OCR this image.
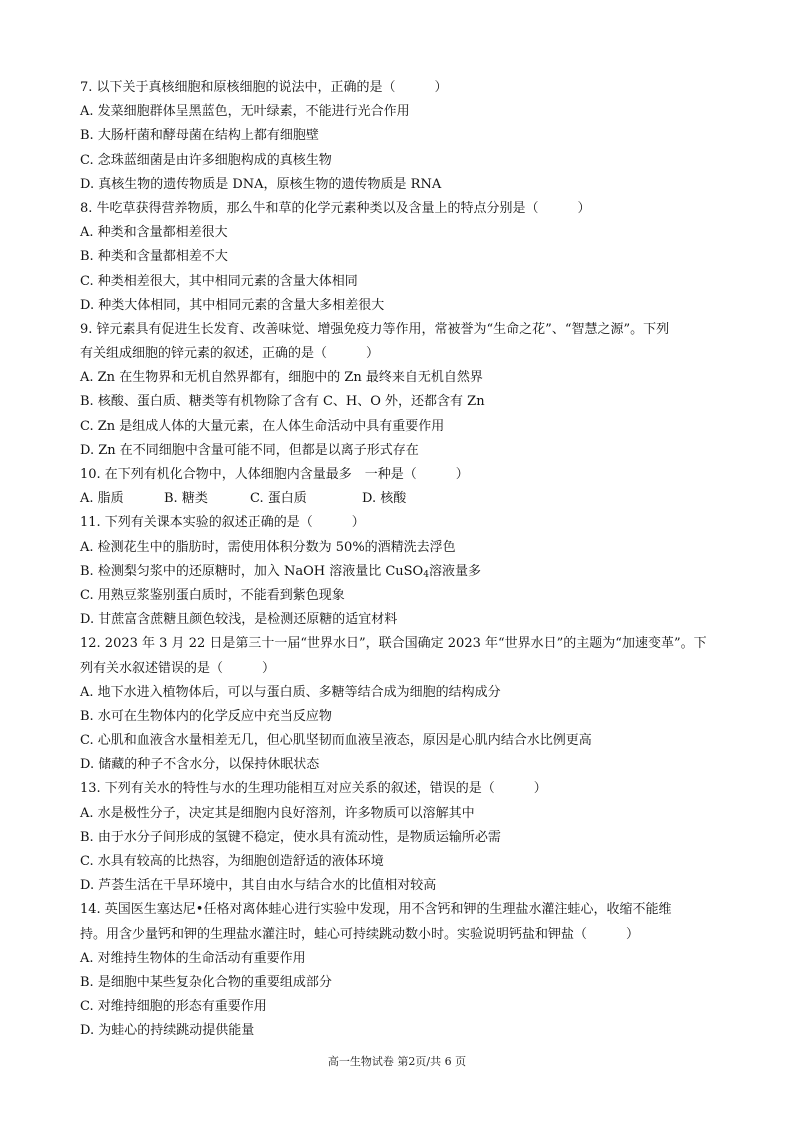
7. 以下关于真核细胞和原核细胞的说法中，正确的是（　　　）
A. 发菜细胞群体呈黑蓝色，无叶绿素，不能进行光合作用
B. 大肠杆菌和酵母菌在结构上都有细胞壁
C. 念珠蓝细菌是由许多细胞构成的真核生物
D. 真核生物的遗传物质是 DNA，原核生物的遗传物质是 RNA
8. 牛吃草获得营养物质，那么牛和草的化学元素种类以及含量上的特点分别是（　　　）
A. 种类和含量都相差很大
B. 种类和含量都相差不大
C. 种类相差很大，其中相同元素的含量大体相同
D. 种类大体相同，其中相同元素的含量大多相差很大
9. 锌元素具有促进生长发育、改善味觉、增强免疫力等作用，常被誉为“生命之花”、“智慧之源”。下列
有关组成细胞的锌元素的叙述，正确的是（　　　）
A. Zn 在生物界和无机自然界都有，细胞中的 Zn 最终来自无机自然界
B. 核酸、蛋白质、糖类等有机物除了含有 C、H、O 外，还都含有 Zn
C. Zn 是组成人体的大量元素，在人体生命活动中具有重要作用
D. Zn 在不同细胞中含量可能不同，但都是以离子形式存在
10. 在下列有机化合物中，人体细胞内含量最多　一种是（　　　）
A. 脂质	B. 糖类	C. 蛋白质	D. 核酸
11. 下列有关课本实验的叙述正确的是（　　　）
A. 检测花生中的脂肪时，需使用体积分数为 50%的酒精洗去浮色
B. 检测梨匀浆中的还原糖时，加入 NaOH 溶液量比 CuSO$_4$溶液量多
C. 用熟豆浆鉴别蛋白质时，不能看到紫色现象
D. 甘蔗富含蔗糖且颜色较浅，是检测还原糖的适宜材料
12. 2023 年 3 月 22 日是第三十一届“世界水日”，联合国确定 2023 年“世界水日”的主题为“加速变革”。下
列有关水叙述错误的是（　　　）
A. 地下水进入植物体后，可以与蛋白质、多糖等结合成为细胞的结构成分
B. 水可在生物体内的化学反应中充当反应物
C. 心肌和血液含水量相差无几，但心肌坚韧而血液呈液态，原因是心肌内结合水比例更高
D. 储藏的种子不含水分，以保持休眠状态
13. 下列有关水的特性与水的生理功能相互对应关系的叙述，错误的是（　　　）
A. 水是极性分子，决定其是细胞内良好溶剂，许多物质可以溶解其中
B. 由于水分子间形成的氢键不稳定，使水具有流动性，是物质运输所必需
C. 水具有较高的比热容，为细胞创造舒适的液体环境
D. 芦荟生活在干旱环境中，其自由水与结合水的比值相对较高
14. 英国医生塞达尼•任格对离体蛙心进行实验中发现，用不含钙和钾的生理盐水灌注蛙心，收缩不能维
持。用含少量钙和钾的生理盐水灌注时，蛙心可持续跳动数小时。实验说明钙盐和钾盐（　　　）
A. 对维持生物体的生命活动有重要作用
B. 是细胞中某些复杂化合物的重要组成部分
C. 对维持细胞的形态有重要作用
D. 为蛙心的持续跳动提供能量
高一生物试卷 第2页/共 6 页
